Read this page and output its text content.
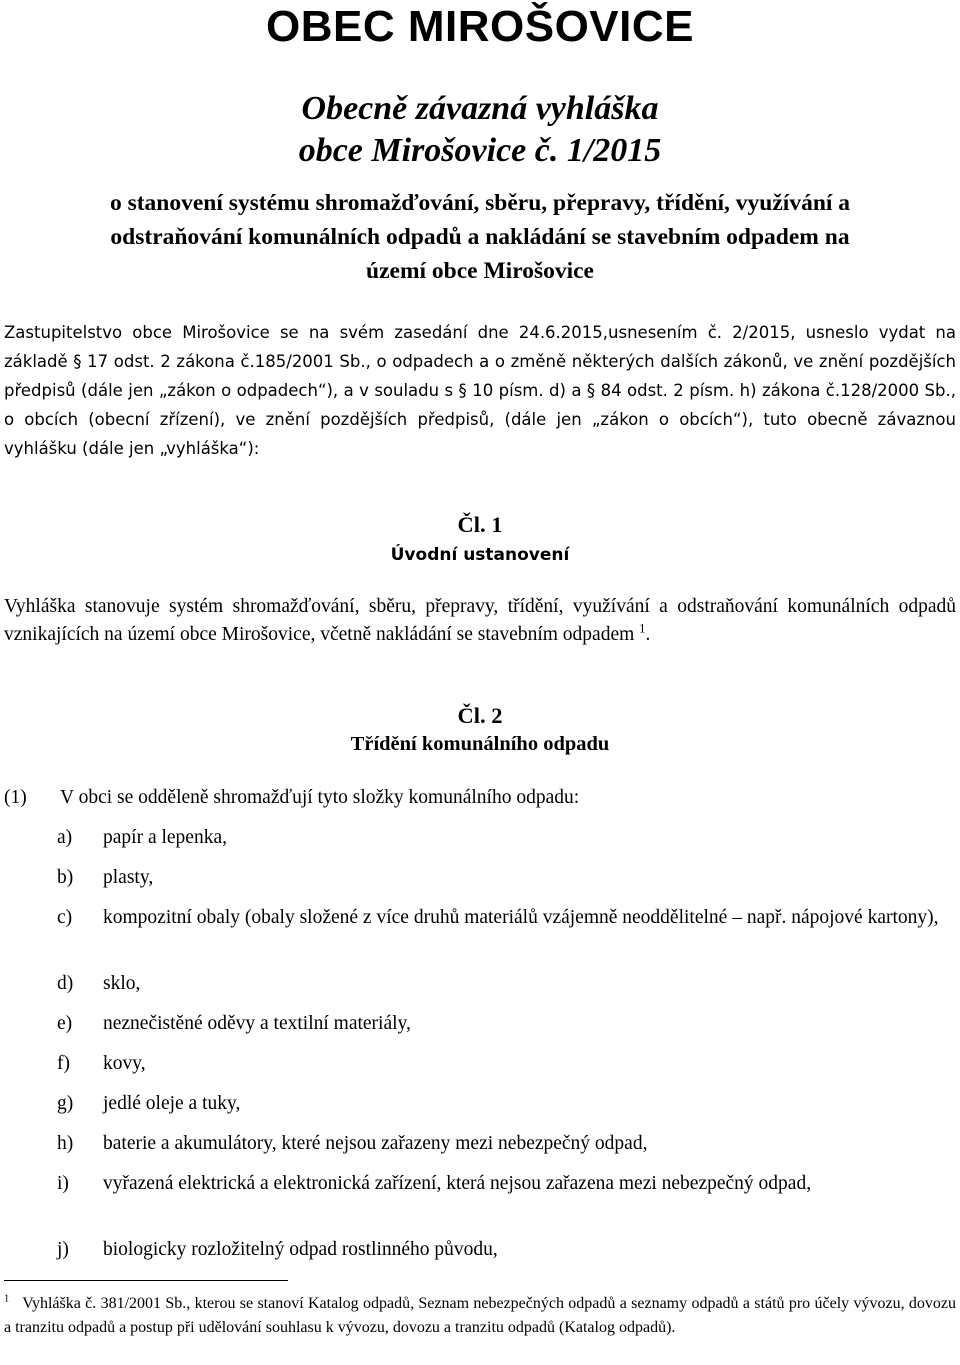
OBEC MIROŠOVICE
Obecně závazná vyhláška
obce Mirošovice č. 1/2015
o stanovení systému shromažďování, sběru, přepravy, třídění, využívání a
odstraňování komunálních odpadů a nakládání se stavebním odpadem na
území obce Mirošovice
Zastupitelstvo obce Mirošovice se na svém zasedání dne 24.6.2015,usnesením č. 2/2015, usneslo vydat na základě § 17 odst. 2 zákona č.185/2001 Sb., o odpadech a o změně některých dalších zákonů, ve znění pozdějších předpisů (dále jen „zákon o odpadech“), a v souladu s § 10 písm. d) a § 84 odst. 2 písm. h) zákona č.128/2000 Sb., o obcích (obecní zřízení), ve znění pozdějších předpisů, (dále jen „zákon o obcích“), tuto obecně závaznou vyhlášku (dále jen „vyhláška“):
Čl. 1
Úvodní ustanovení
Vyhláška stanovuje systém shromažďování, sběru, přepravy, třídění, využívání a odstraňování komunálních odpadů vznikajících na území obce Mirošovice, včetně nakládání se stavebním odpadem $^1$.
Čl. 2
Třídění komunálního odpadu
(1) V obci se odděleně shromažďují tyto složky komunálního odpadu:
a) papír a lepenka,
b) plasty,
c) kompozitní obaly (obaly složené z více druhů materiálů vzájemně neoddělitelné – např. nápojové kartony),
d) sklo,
e) neznečistěné oděvy a textilní materiály,
f) kovy,
g) jedlé oleje a tuky,
h) baterie a akumulátory, které nejsou zařazeny mezi nebezpečný odpad,
i) vyřazená elektrická a elektronická zařízení, která nejsou zařazena mezi nebezpečný odpad,
j) biologicky rozložitelný odpad rostlinného původu,
$^1$ Vyhláška č. 381/2001 Sb., kterou se stanoví Katalog odpadů, Seznam nebezpečných odpadů a seznamy odpadů a států pro účely vývozu, dovozu a tranzitu odpadů a postup při udělování souhlasu k vývozu, dovozu a tranzitu odpadů (Katalog odpadů).
